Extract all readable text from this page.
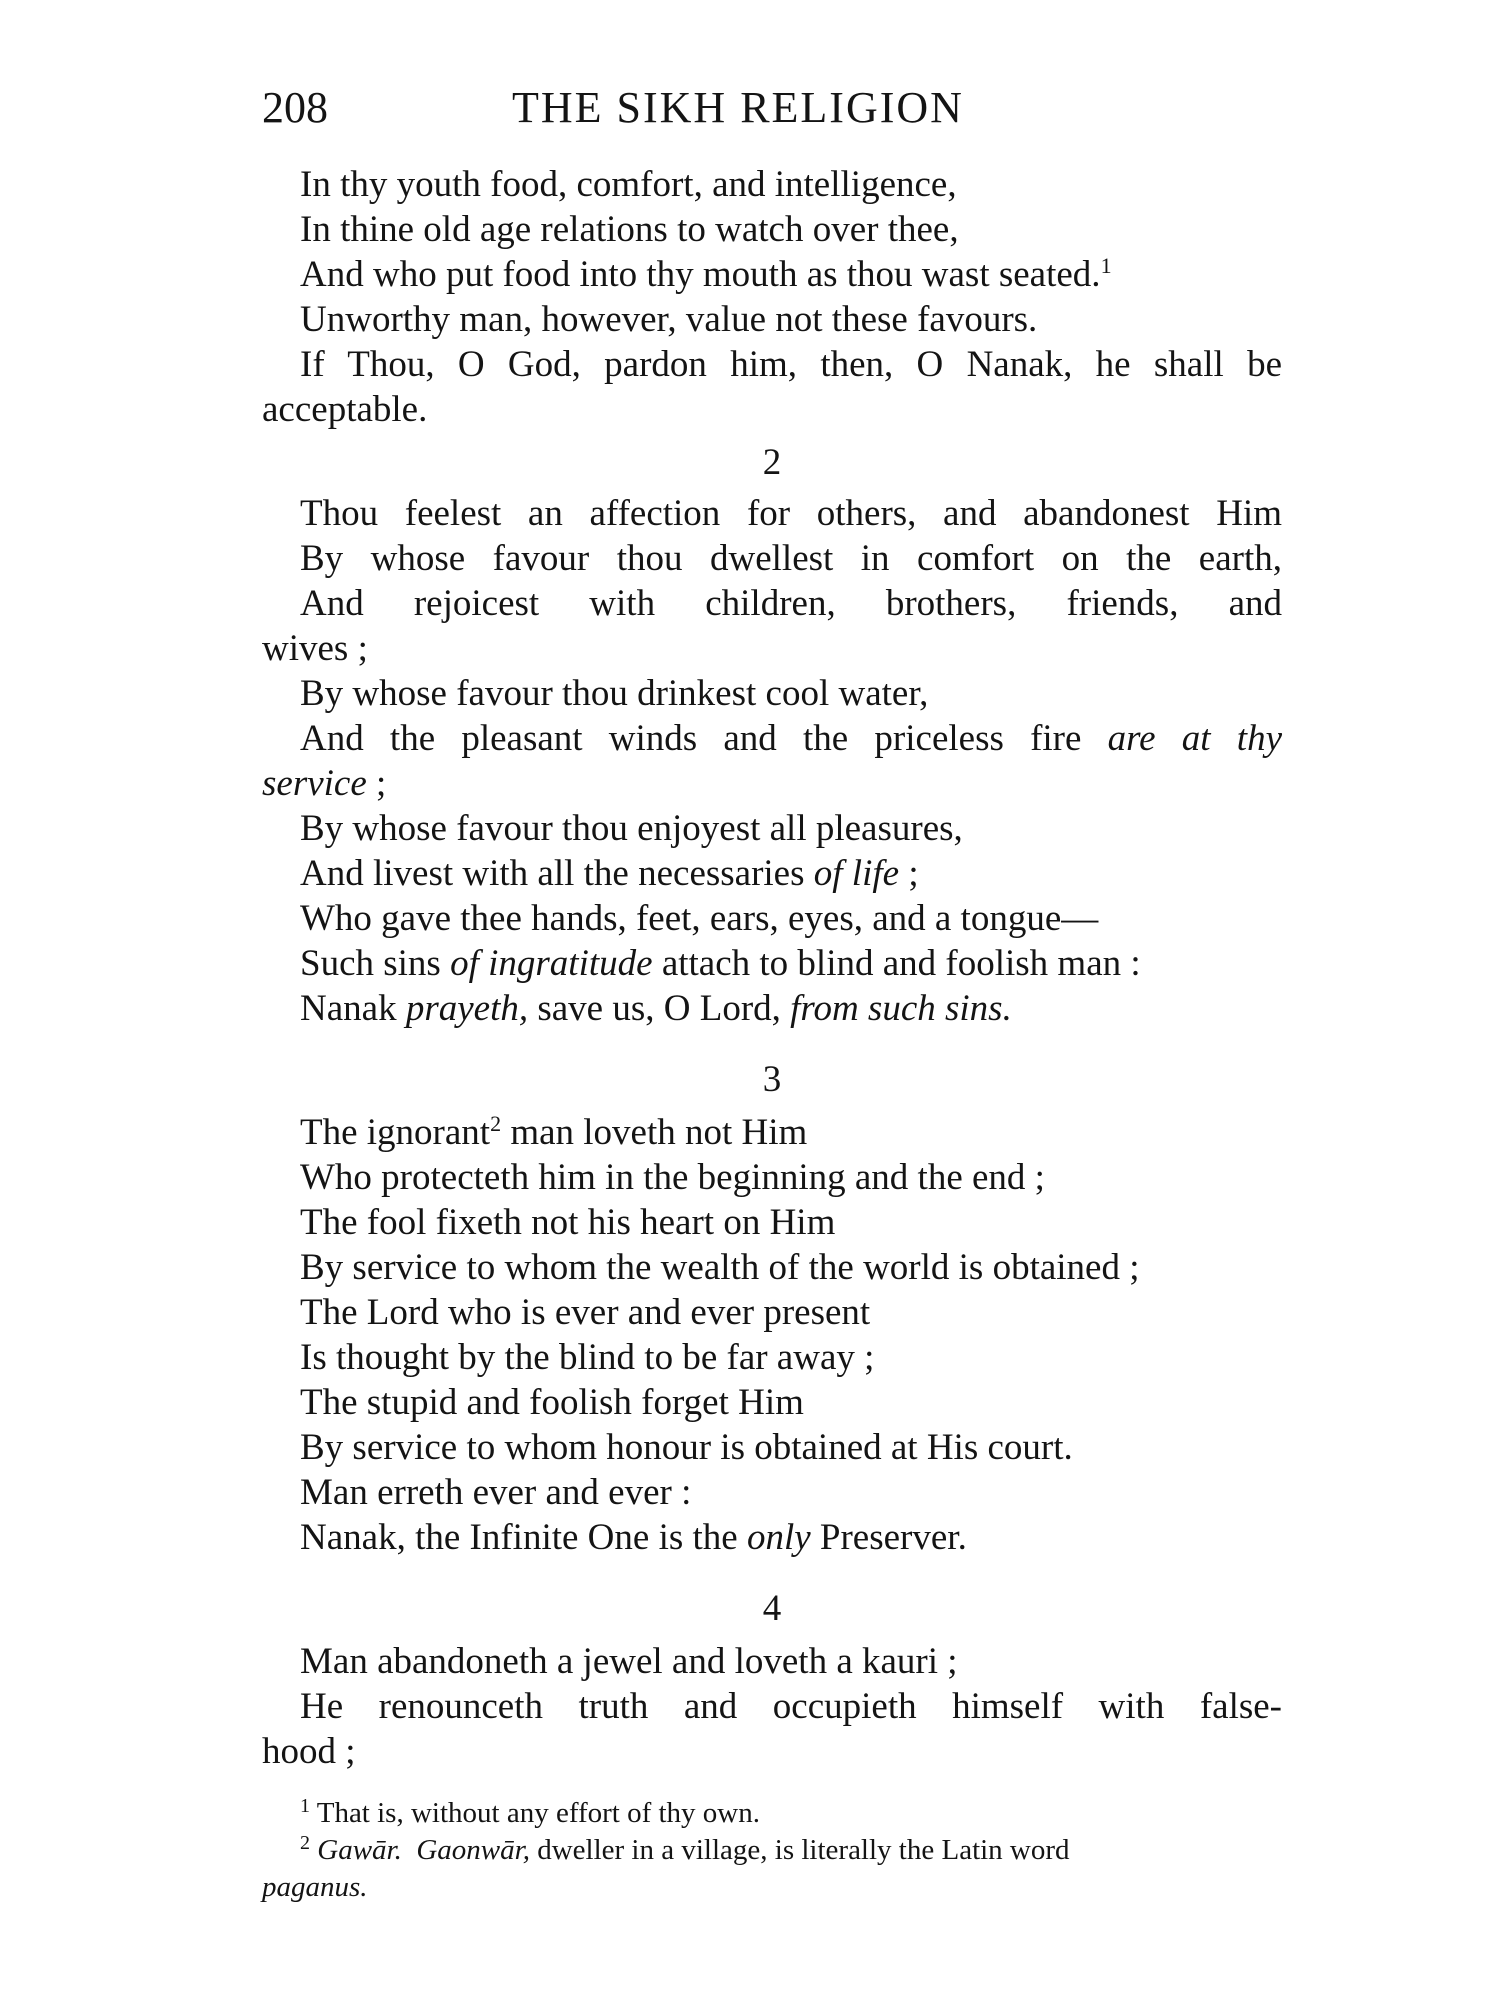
208	THE SIKH RELIGION
In thy youth food, comfort, and intelligence,
In thine old age relations to watch over thee,
And who put food into thy mouth as thou wast seated.$^1$
Unworthy man, however, value not these favours.
If Thou, O God, pardon him, then, O Nanak, he shall be
acceptable.
2
Thou feelest an affection for others, and abandonest Him
By whose favour thou dwellest in comfort on the earth,
And rejoicest with children, brothers, friends, and
wives ;
By whose favour thou drinkest cool water,
And the pleasant winds and the priceless fire are at thy
service ;
By whose favour thou enjoyest all pleasures,
And livest with all the necessaries of life ;
Who gave thee hands, feet, ears, eyes, and a tongue—
Such sins of ingratitude attach to blind and foolish man :
Nanak prayeth, save us, O Lord, from such sins.
3
The ignorant$^2$ man loveth not Him
Who protecteth him in the beginning and the end ;
The fool fixeth not his heart on Him
By service to whom the wealth of the world is obtained ;
The Lord who is ever and ever present
Is thought by the blind to be far away ;
The stupid and foolish forget Him
By service to whom honour is obtained at His court.
Man erreth ever and ever :
Nanak, the Infinite One is the only Preserver.
4
Man abandoneth a jewel and loveth a kauri ;
He renounceth truth and occupieth himself with false-
hood ;
$^1$ That is, without any effort of thy own.
$^2$ Gawār.  Gaonwār, dweller in a village, is literally the Latin word
paganus.
